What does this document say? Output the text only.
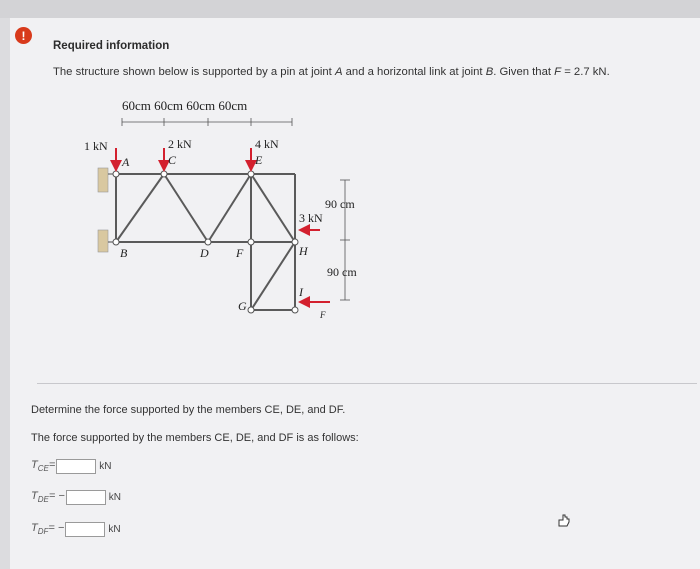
!
Required information
The structure shown below is supported by a pin at joint A and a horizontal link at joint B. Given that F = 2.7 kN.
60cm 60cm 60cm 60cm
1 kN	2 kN	4 kN
3 kN
A	C	E
B	D F	H
G
I
F
90 cm
90 cm
Determine the force supported by the members CE, DE, and DF.
The force supported by the members CE, DE, and DF is as follows:
$T_{CE}=$	kN
$T_{DE}=$ −	kN
$T_{DF}=$ −	kN
